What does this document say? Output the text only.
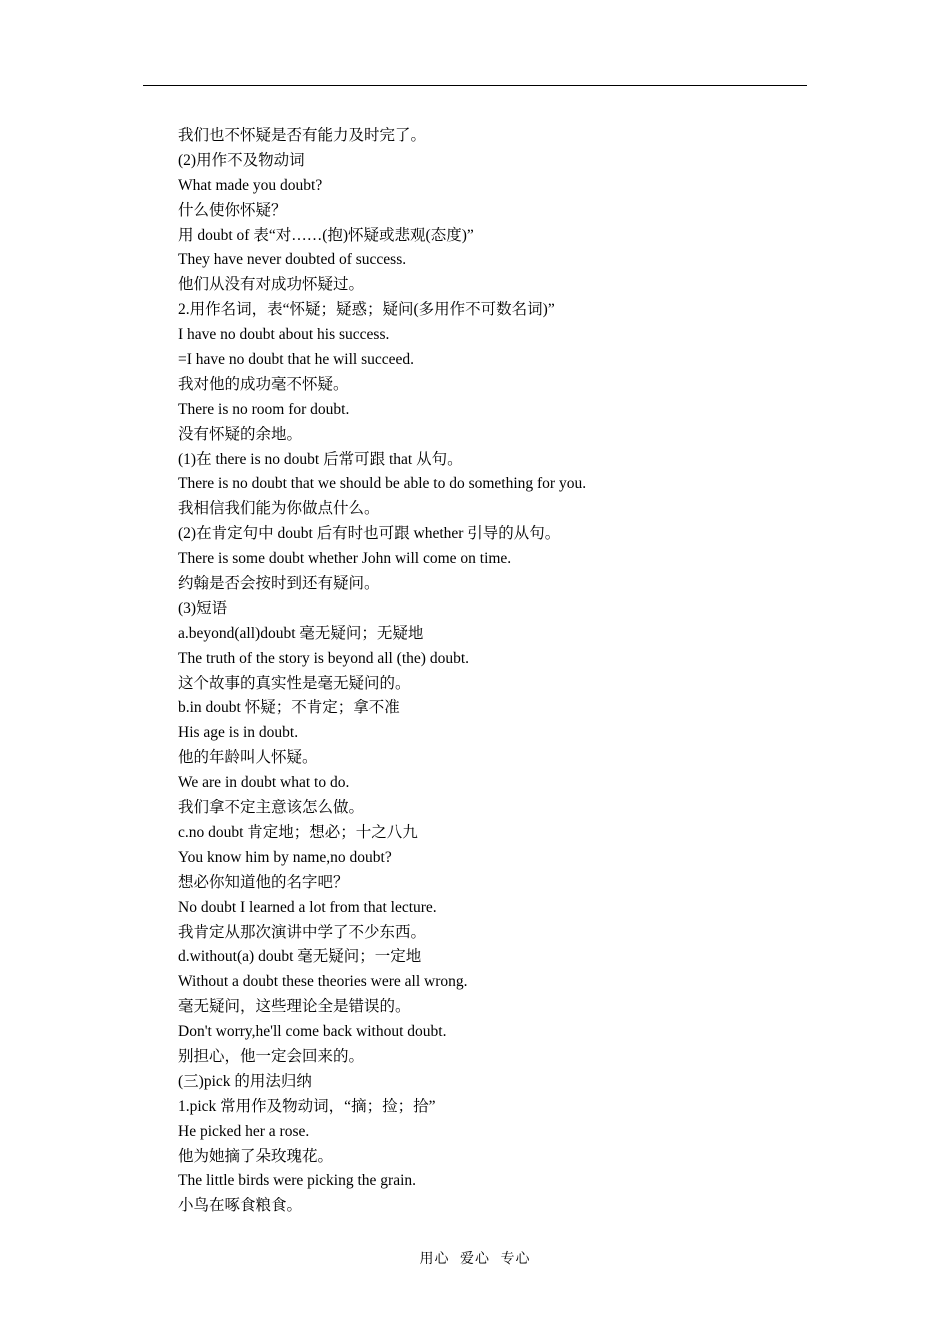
我们也不怀疑是否有能力及时完了。
(2)用作不及物动词
What made you doubt?
什么使你怀疑？
用 doubt of 表“对……(抱)怀疑或悲观(态度)”
They have never doubted of success.
他们从没有对成功怀疑过。
2.用作名词，表“怀疑；疑惑；疑问(多用作不可数名词)”
I have no doubt about his success.
=I have no doubt that he will succeed.
我对他的成功毫不怀疑。
There is no room for doubt.
没有怀疑的余地。
(1)在 there is no doubt 后常可跟 that 从句。
There is no doubt that we should be able to do something for you.
我相信我们能为你做点什么。
(2)在肯定句中 doubt 后有时也可跟 whether 引导的从句。
There is some doubt whether John will come on time.
约翰是否会按时到还有疑问。
(3)短语
a.beyond(all)doubt 毫无疑问；无疑地
The truth of the story is beyond all (the) doubt.
这个故事的真实性是毫无疑问的。
b.in doubt 怀疑；不肯定；拿不准
His age is in doubt.
他的年龄叫人怀疑。
We are in doubt what to do.
我们拿不定主意该怎么做。
c.no doubt 肯定地；想必；十之八九
You know him by name,no doubt?
想必你知道他的名字吧？
No doubt I learned a lot from that lecture.
我肯定从那次演讲中学了不少东西。
d.without(a) doubt 毫无疑问；一定地
Without a doubt these theories were all wrong.
毫无疑问，这些理论全是错误的。
Don't worry,he'll come back without doubt.
别担心，他一定会回来的。
(三)pick 的用法归纳
1.pick 常用作及物动词，“摘；捡；拾”
He picked her a rose.
他为她摘了朵玫瑰花。
The little birds were picking the grain.
小鸟在啄食粮食。
用心 爱心 专心
